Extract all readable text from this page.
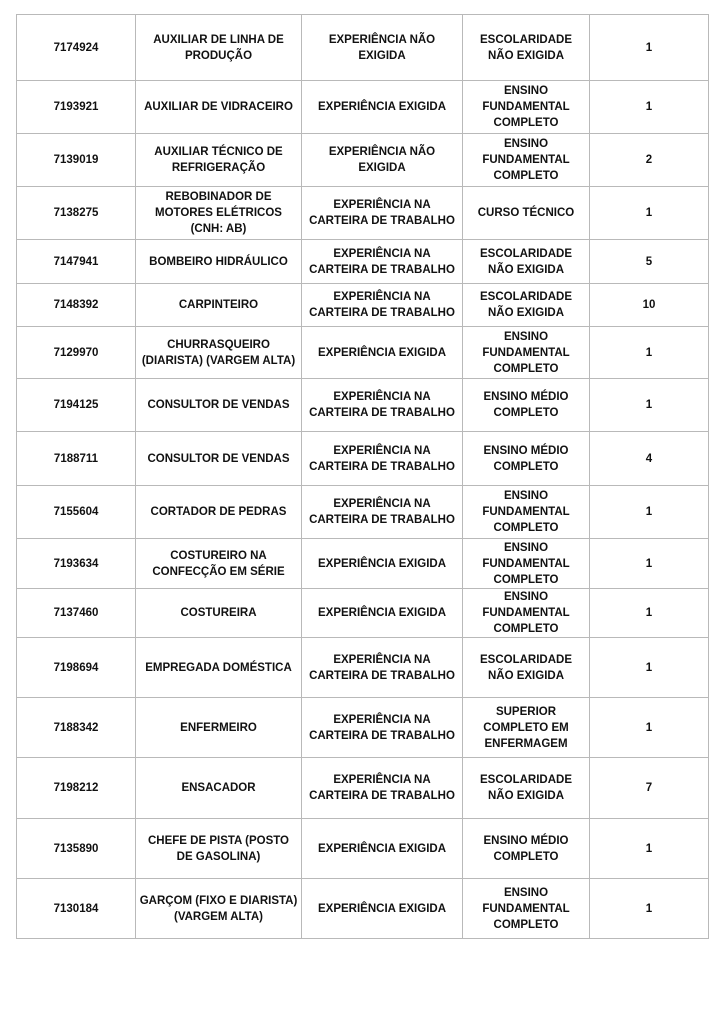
7174924	AUXILIAR DE LINHA DE PRODUÇÃO	EXPERIÊNCIA NÃO EXIGIDA	ESCOLARIDADE NÃO EXIGIDA	1
7193921	AUXILIAR DE VIDRACEIRO	EXPERIÊNCIA EXIGIDA	ENSINO FUNDAMENTAL COMPLETO	1
7139019	AUXILIAR TÉCNICO DE REFRIGERAÇÃO	EXPERIÊNCIA NÃO EXIGIDA	ENSINO FUNDAMENTAL COMPLETO	2
7138275	REBOBINADOR DE MOTORES ELÉTRICOS (CNH: AB)	EXPERIÊNCIA NA CARTEIRA DE TRABALHO	CURSO TÉCNICO	1
7147941	BOMBEIRO HIDRÁULICO	EXPERIÊNCIA NA CARTEIRA DE TRABALHO	ESCOLARIDADE NÃO EXIGIDA	5
7148392	CARPINTEIRO	EXPERIÊNCIA NA CARTEIRA DE TRABALHO	ESCOLARIDADE NÃO EXIGIDA	10
7129970	CHURRASQUEIRO (DIARISTA) (VARGEM ALTA)	EXPERIÊNCIA EXIGIDA	ENSINO FUNDAMENTAL COMPLETO	1
7194125	CONSULTOR DE VENDAS	EXPERIÊNCIA NA CARTEIRA DE TRABALHO	ENSINO MÉDIO COMPLETO	1
7188711	CONSULTOR DE VENDAS	EXPERIÊNCIA NA CARTEIRA DE TRABALHO	ENSINO MÉDIO COMPLETO	4
7155604	CORTADOR DE PEDRAS	EXPERIÊNCIA NA CARTEIRA DE TRABALHO	ENSINO FUNDAMENTAL COMPLETO	1
7193634	COSTUREIRO NA CONFECÇÃO EM SÉRIE	EXPERIÊNCIA EXIGIDA	ENSINO FUNDAMENTAL COMPLETO	1
7137460	COSTUREIRA	EXPERIÊNCIA EXIGIDA	ENSINO FUNDAMENTAL COMPLETO	1
7198694	EMPREGADA DOMÉSTICA	EXPERIÊNCIA NA CARTEIRA DE TRABALHO	ESCOLARIDADE NÃO EXIGIDA	1
7188342	ENFERMEIRO	EXPERIÊNCIA NA CARTEIRA DE TRABALHO	SUPERIOR COMPLETO EM ENFERMAGEM	1
7198212	ENSACADOR	EXPERIÊNCIA NA CARTEIRA DE TRABALHO	ESCOLARIDADE NÃO EXIGIDA	7
7135890	CHEFE DE PISTA (POSTO DE GASOLINA)	EXPERIÊNCIA EXIGIDA	ENSINO MÉDIO COMPLETO	1
7130184	GARÇOM (FIXO E DIARISTA) (VARGEM ALTA)	EXPERIÊNCIA EXIGIDA	ENSINO FUNDAMENTAL COMPLETO	1
